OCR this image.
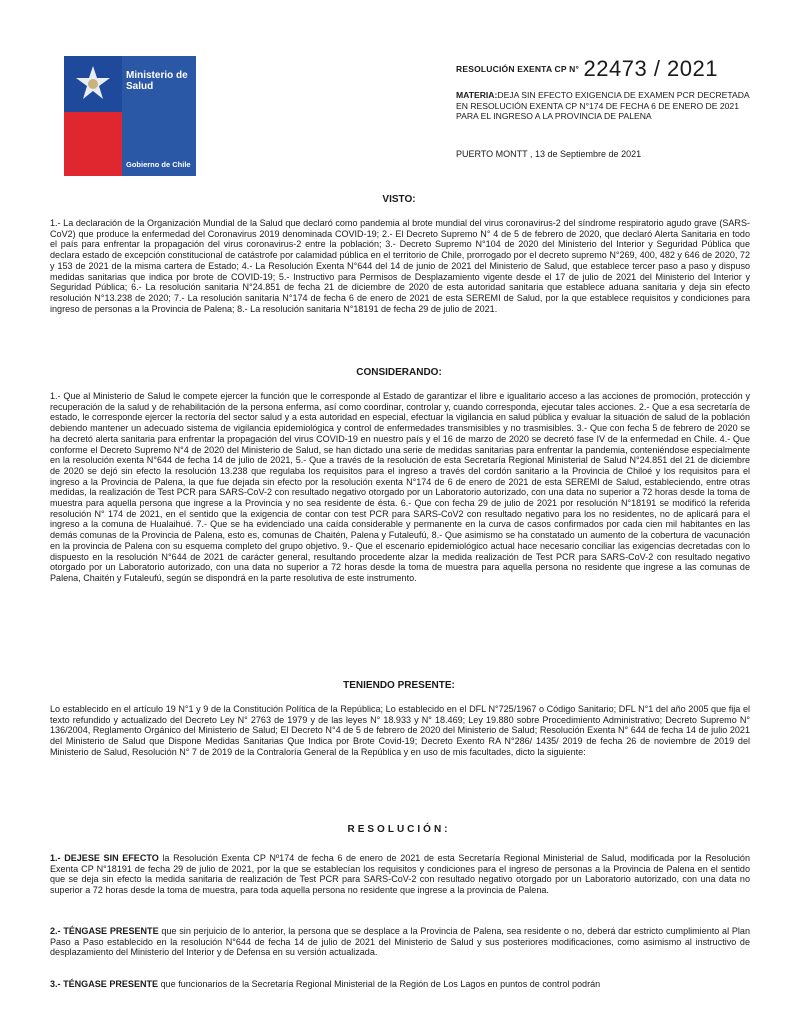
Ministerio de
Salud
Gobierno de Chile
RESOLUCIÓN EXENTA CP N° 22473 / 2021
MATERIA:DEJA SIN EFECTO EXIGENCIA DE EXAMEN PCR DECRETADA EN RESOLUCIÓN EXENTA CP N°174 DE FECHA 6 DE ENERO DE 2021 PARA EL INGRESO A LA PROVINCIA DE PALENA
PUERTO MONTT , 13 de Septiembre de 2021
VISTO:
1.- La declaración de la Organización Mundial de la Salud que declaró como pandemia al brote mundial del virus coronavirus-2 del síndrome respiratorio agudo grave (SARS-CoV2) que produce la enfermedad del Coronavirus 2019 denominada COVID-19; 2.- El Decreto Supremo N° 4 de 5 de febrero de 2020, que declaró Alerta Sanitaria en todo el país para enfrentar la propagación del virus coronavirus-2 entre la población; 3.- Decreto Supremo N°104 de 2020 del Ministerio del Interior y Seguridad Pública que declara estado de excepción constitucional de catástrofe por calamidad pública en el territorio de Chile, prorrogado por el decreto supremo N°269, 400, 482 y 646 de 2020, 72 y 153 de 2021 de la misma cartera de Estado; 4.- La Resolución Exenta N°644 del 14 de junio de 2021 del Ministerio de Salud, que establece tercer paso a paso y dispuso medidas sanitarias que indica por brote de COVID-19; 5.- Instructivo para Permisos de Desplazamiento vigente desde el 17 de julio de 2021 del Ministerio del Interior y Seguridad Pública; 6.- La resolución sanitaria N°24.851 de fecha 21 de diciembre de 2020 de esta autoridad sanitaria que establece aduana sanitaria y deja sin efecto resolución N°13.238 de 2020; 7.- La resolución sanitaria N°174 de fecha 6 de enero de 2021 de esta SEREMI de Salud, por la que establece requisitos y condiciones para ingreso de personas a la Provincia de Palena; 8.- La resolución sanitaria N°18191 de fecha 29 de julio de 2021.
CONSIDERANDO:
1.- Que al Ministerio de Salud le compete ejercer la función que le corresponde al Estado de garantizar el libre e igualitario acceso a las acciones de promoción, protección y recuperación de la salud y de rehabilitación de la persona enferma, así como coordinar, controlar y, cuando corresponda, ejecutar tales acciones. 2.- Que a esa secretaría de estado, le corresponde ejercer la rectoría del sector salud y a esta autoridad en especial, efectuar la vigilancia en salud pública y evaluar la situación de salud de la población debiendo mantener un adecuado sistema de vigilancia epidemiológica y control de enfermedades transmisibles y no trasmisibles. 3.- Que con fecha 5 de febrero de 2020 se ha decretó alerta sanitaria para enfrentar la propagación del virus COVID-19 en nuestro país y el 16 de marzo de 2020 se decretó fase IV de la enfermedad en Chile. 4.- Que conforme el Decreto Supremo N°4 de 2020 del Ministerio de Salud, se han dictado una serie de medidas sanitarias para enfrentar la pandemia, conteniéndose especialmente en la resolución exenta N°644 de fecha 14 de julio de 2021, 5.- Que a través de la resolución de esta Secretaría Regional Ministerial de Salud N°24.851 del 21 de diciembre de 2020 se dejó sin efecto la resolución 13.238 que regulaba los requisitos para el ingreso a través del cordón sanitario a la Provincia de Chiloé y los requisitos para el ingreso a la Provincia de Palena, la que fue dejada sin efecto por la resolución exenta N°174 de 6 de enero de 2021 de esta SEREMI de Salud, estableciendo, entre otras medidas, la realización de Test PCR para SARS-CoV-2 con resultado negativo otorgado por un Laboratorio autorizado, con una data no superior a 72 horas desde la toma de muestra para aquella persona que ingrese a la Provincia y no sea residente de ésta. 6.- Que con fecha 29 de julio de 2021 por resolución N°18191 se modificó la referida resolución N° 174 de 2021, en el sentido que la exigencia de contar con test PCR para SARS-CoV2 con resultado negativo para los no residentes, no de aplicará para el ingreso a la comuna de Hualaihué. 7.- Que se ha evidenciado una caída considerable y permanente en la curva de casos confirmados por cada cien mil habitantes en las demás comunas de la Provincia de Palena, esto es, comunas de Chaitén, Palena y Futaleufú, 8.- Que asimismo se ha constatado un aumento de la cobertura de vacunación en la provincia de Palena con su esquema completo del grupo objetivo. 9.- Que el escenario epidemiológico actual hace necesario conciliar las exigencias decretadas con lo dispuesto en la resolución N°644 de 2021 de carácter general, resultando procedente alzar la medida realización de Test PCR para SARS-CoV-2 con resultado negativo otorgado por un Laboratorio autorizado, con una data no superior a 72 horas desde la toma de muestra para aquella persona no residente que ingrese a las comunas de Palena, Chaitén y Futaleufú, según se dispondrá en la parte resolutiva de este instrumento.
TENIENDO PRESENTE:
Lo establecido en el artículo 19 N°1 y 9 de la Constitución Política de la República; Lo establecido en el DFL N°725/1967 o Código Sanitario; DFL N°1 del año 2005 que fija el texto refundido y actualizado del Decreto Ley N° 2763 de 1979 y de las leyes N° 18.933 y N° 18.469; Ley 19.880 sobre Procedimiento Administrativo; Decreto Supremo N° 136/2004, Reglamento Orgánico del Ministerio de Salud; El Decreto N°4 de 5 de febrero de 2020 del Ministerio de Salud; Resolución Exenta N° 644 de fecha 14 de julio 2021 del Ministerio de Salud que Dispone Medidas Sanitarias Que Indica por Brote Covid-19; Decreto Exento RA N°286/ 1435/ 2019 de fecha 26 de noviembre de 2019 del Ministerio de Salud, Resolución N° 7 de 2019 de la Contraloría General de la República y en uso de mis facultades, dicto la siguiente:
RESOLUCIÓN:
1.- DEJESE SIN EFECTO la Resolución Exenta CP Nº174 de fecha 6 de enero de 2021 de esta Secretaría Regional Ministerial de Salud, modificada por la Resolución Exenta CP N°18191 de fecha 29 de julio de 2021, por la que se establecían los requisitos y condiciones para el ingreso de personas a la Provincia de Palena en el sentido que se deja sin efecto la medida sanitaria de realización de Test PCR para SARS-CoV-2 con resultado negativo otorgado por un Laboratorio autorizado, con una data no superior a 72 horas desde la toma de muestra, para toda aquella persona no residente que ingrese a la provincia de Palena.
2.- TÉNGASE PRESENTE que sin perjuicio de lo anterior, la persona que se desplace a la Provincia de Palena, sea residente o no, deberá dar estricto cumplimiento al Plan Paso a Paso establecido en la resolución N°644 de fecha 14 de julio de 2021 del Ministerio de Salud y sus posteriores modificaciones, como asimismo al instructivo de desplazamiento del Ministerio del Interior y de Defensa en su versión actualizada.
3.- TÉNGASE PRESENTE que funcionarios de la Secretaría Regional Ministerial de la Región de Los Lagos en puntos de control podrán
